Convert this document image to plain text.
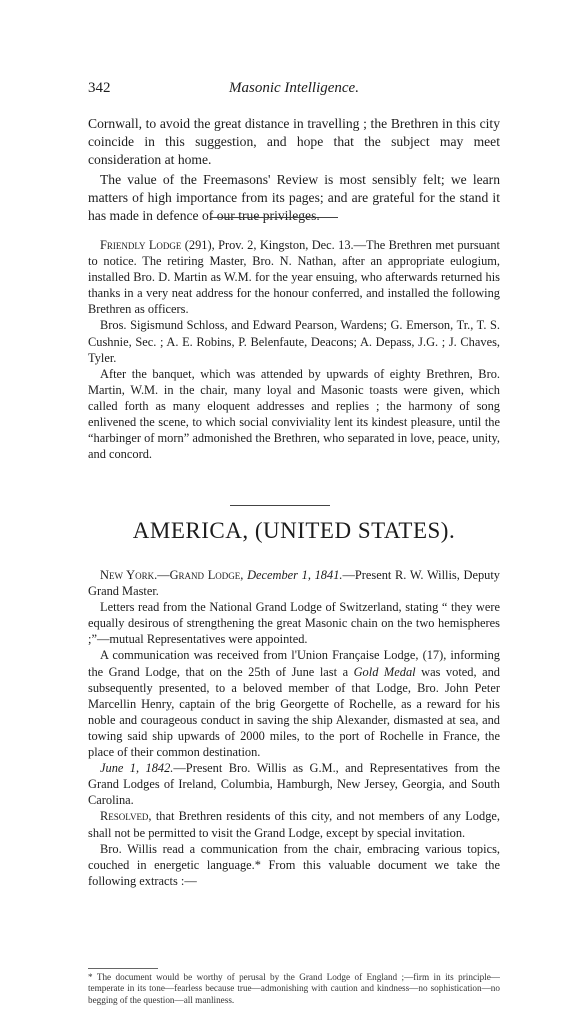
342	Masonic Intelligence.

Cornwall, to avoid the great distance in travelling ; the Brethren in this city coincide in this suggestion, and hope that the subject may meet consideration at home.

The value of the Freemasons' Review is most sensibly felt; we learn matters of high importance from its pages; and are grateful for the stand it has made in defence of our true privileges.

Friendly Lodge (291), Prov. 2, Kingston, Dec. 13.—The Brethren met pursuant to notice. The retiring Master, Bro. N. Nathan, after an appropriate eulogium, installed Bro. D. Martin as W.M. for the year ensuing, who afterwards returned his thanks in a very neat address for the honour conferred, and installed the following Brethren as officers.

Bros. Sigismund Schloss, and Edward Pearson, Wardens; G. Emerson, Tr., T. S. Cushnie, Sec. ; A. E. Robins, P. Belenfaute, Deacons; A. Depass, J.G. ; J. Chaves, Tyler.

After the banquet, which was attended by upwards of eighty Brethren, Bro. Martin, W.M. in the chair, many loyal and Masonic toasts were given, which called forth as many eloquent addresses and replies ; the harmony of song enlivened the scene, to which social conviviality lent its kindest pleasure, until the “harbinger of morn” admonished the Brethren, who separated in love, peace, unity, and concord.

AMERICA, (UNITED STATES).

New York.—Grand Lodge, December 1, 1841.—Present R. W. Willis, Deputy Grand Master.

Letters read from the National Grand Lodge of Switzerland, stating “ they were equally desirous of strengthening the great Masonic chain on the two hemispheres ;”—mutual Representatives were appointed.

A communication was received from l'Union Française Lodge, (17), informing the Grand Lodge, that on the 25th of June last a Gold Medal was voted, and subsequently presented, to a beloved member of that Lodge, Bro. John Peter Marcellin Henry, captain of the brig Georgette of Rochelle, as a reward for his noble and courageous conduct in saving the ship Alexander, dismasted at sea, and towing said ship upwards of 2000 miles, to the port of Rochelle in France, the place of their common destination.

June 1, 1842.—Present Bro. Willis as G.M., and Representatives from the Grand Lodges of Ireland, Columbia, Hamburgh, New Jersey, Georgia, and South Carolina.

Resolved, that Brethren residents of this city, and not members of any Lodge, shall not be permitted to visit the Grand Lodge, except by special invitation.

Bro. Willis read a communication from the chair, embracing various topics, couched in energetic language.* From this valuable document we take the following extracts :—

* The document would be worthy of perusal by the Grand Lodge of England ;—firm in its principle—temperate in its tone—fearless because true—admonishing with caution and kindness—no sophistication—no begging of the question—all manliness.
